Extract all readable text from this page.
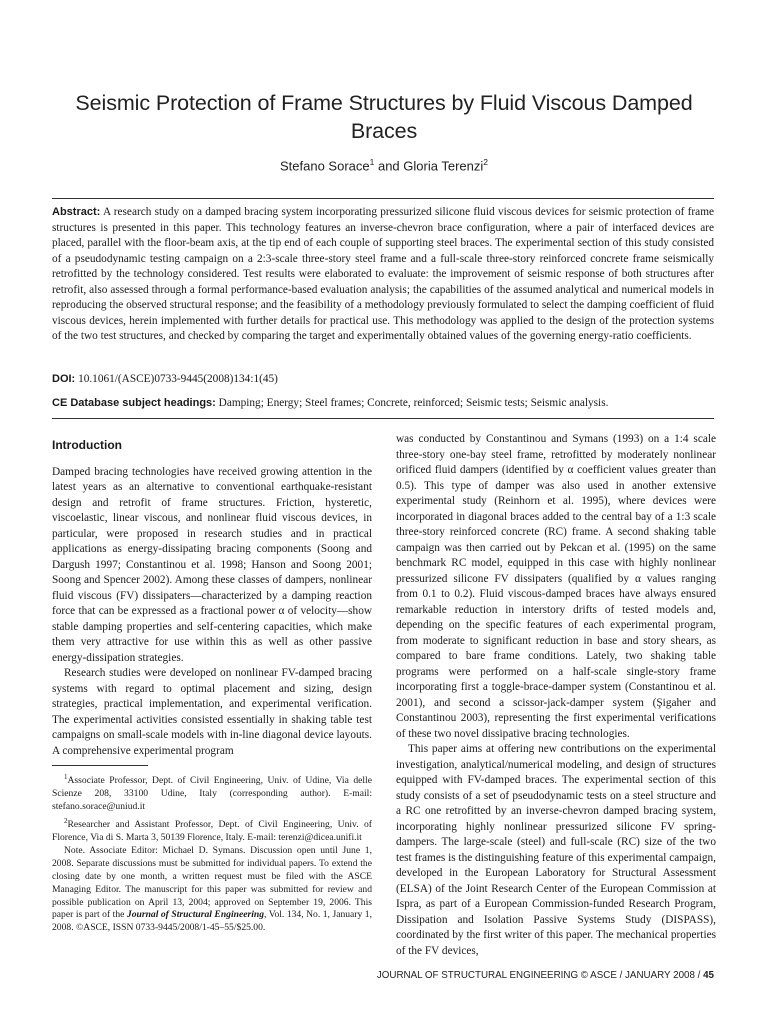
Seismic Protection of Frame Structures by Fluid Viscous Damped Braces
Stefano Sorace$^1$ and Gloria Terenzi$^2$

Abstract: A research study on a damped bracing system incorporating pressurized silicone fluid viscous devices for seismic protection of frame structures is presented in this paper. This technology features an inverse-chevron brace configuration, where a pair of interfaced devices are placed, parallel with the floor-beam axis, at the tip end of each couple of supporting steel braces. The experimental section of this study consisted of a pseudodynamic testing campaign on a 2:3-scale three-story steel frame and a full-scale three-story reinforced concrete frame seismically retrofitted by the technology considered. Test results were elaborated to evaluate: the improvement of seismic response of both structures after retrofit, also assessed through a formal performance-based evaluation analysis; the capabilities of the assumed analytical and numerical models in reproducing the observed structural response; and the feasibility of a methodology previously formulated to select the damping coefficient of fluid viscous devices, herein implemented with further details for practical use. This methodology was applied to the design of the protection systems of the two test structures, and checked by comparing the target and experimentally obtained values of the governing energy-ratio coefficients.

DOI: 10.1061/(ASCE)0733-9445(2008)134:1(45)
CE Database subject headings: Damping; Energy; Steel frames; Concrete, reinforced; Seismic tests; Seismic analysis.
Introduction

Damped bracing technologies have received growing attention in the latest years as an alternative to conventional earthquake-resistant design and retrofit of frame structures. Friction, hysteretic, viscoelastic, linear viscous, and nonlinear fluid viscous devices, in particular, were proposed in research studies and in practical applications as energy-dissipating bracing components (Soong and Dargush 1997; Constantinou et al. 1998; Hanson and Soong 2001; Soong and Spencer 2002). Among these classes of dampers, nonlinear fluid viscous (FV) dissipaters—characterized by a damping reaction force that can be expressed as a fractional power α of velocity—show stable damping properties and self-centering capacities, which make them very attractive for use within this as well as other passive energy-dissipation strategies.

Research studies were developed on nonlinear FV-damped bracing systems with regard to optimal placement and sizing, design strategies, practical implementation, and experimental verification. The experimental activities consisted essentially in shaking table test campaigns on small-scale models with in-line diagonal device layouts. A comprehensive experimental program

was conducted by Constantinou and Symans (1993) on a 1:4 scale three-story one-bay steel frame, retrofitted by moderately nonlinear orificed fluid dampers (identified by α coefficient values greater than 0.5). This type of damper was also used in another extensive experimental study (Reinhorn et al. 1995), where devices were incorporated in diagonal braces added to the central bay of a 1:3 scale three-story reinforced concrete (RC) frame. A second shaking table campaign was then carried out by Pekcan et al. (1995) on the same benchmark RC model, equipped in this case with highly nonlinear pressurized silicone FV dissipaters (qualified by α values ranging from 0.1 to 0.2). Fluid viscous-damped braces have always ensured remarkable reduction in interstory drifts of tested models and, depending on the specific features of each experimental program, from moderate to significant reduction in base and story shears, as compared to bare frame conditions. Lately, two shaking table programs were performed on a half-scale single-story frame incorporating first a toggle-brace-damper system (Constantinou et al. 2001), and second a scissor-jack-damper system (Şigaher and Constantinou 2003), representing the first experimental verifications of these two novel dissipative bracing technologies.

This paper aims at offering new contributions on the experimental investigation, analytical/numerical modeling, and design of structures equipped with FV-damped braces. The experimental section of this study consists of a set of pseudodynamic tests on a steel structure and a RC one retrofitted by an inverse-chevron damped bracing system, incorporating highly nonlinear pressurized silicone FV spring-dampers. The large-scale (steel) and full-scale (RC) size of the two test frames is the distinguishing feature of this experimental campaign, developed in the European Laboratory for Structural Assessment (ELSA) of the Joint Research Center of the European Commission at Ispra, as part of a European Commission-funded Research Program, Dissipation and Isolation Passive Systems Study (DISPASS), coordinated by the first writer of this paper. The mechanical properties of the FV devices,

$^1$Associate Professor, Dept. of Civil Engineering, Univ. of Udine, Via delle Scienze 208, 33100 Udine, Italy (corresponding author). E-mail: stefano.sorace@uniud.it

$^2$Researcher and Assistant Professor, Dept. of Civil Engineering, Univ. of Florence, Via di S. Marta 3, 50139 Florence, Italy. E-mail: terenzi@dicea.unifi.it

Note. Associate Editor: Michael D. Symans. Discussion open until June 1, 2008. Separate discussions must be submitted for individual papers. To extend the closing date by one month, a written request must be filed with the ASCE Managing Editor. The manuscript for this paper was submitted for review and possible publication on April 13, 2004; approved on September 19, 2006. This paper is part of the Journal of Structural Engineering, Vol. 134, No. 1, January 1, 2008. ©ASCE, ISSN 0733-9445/2008/1-45–55/$25.00.

JOURNAL OF STRUCTURAL ENGINEERING © ASCE / JANUARY 2008 / 45
